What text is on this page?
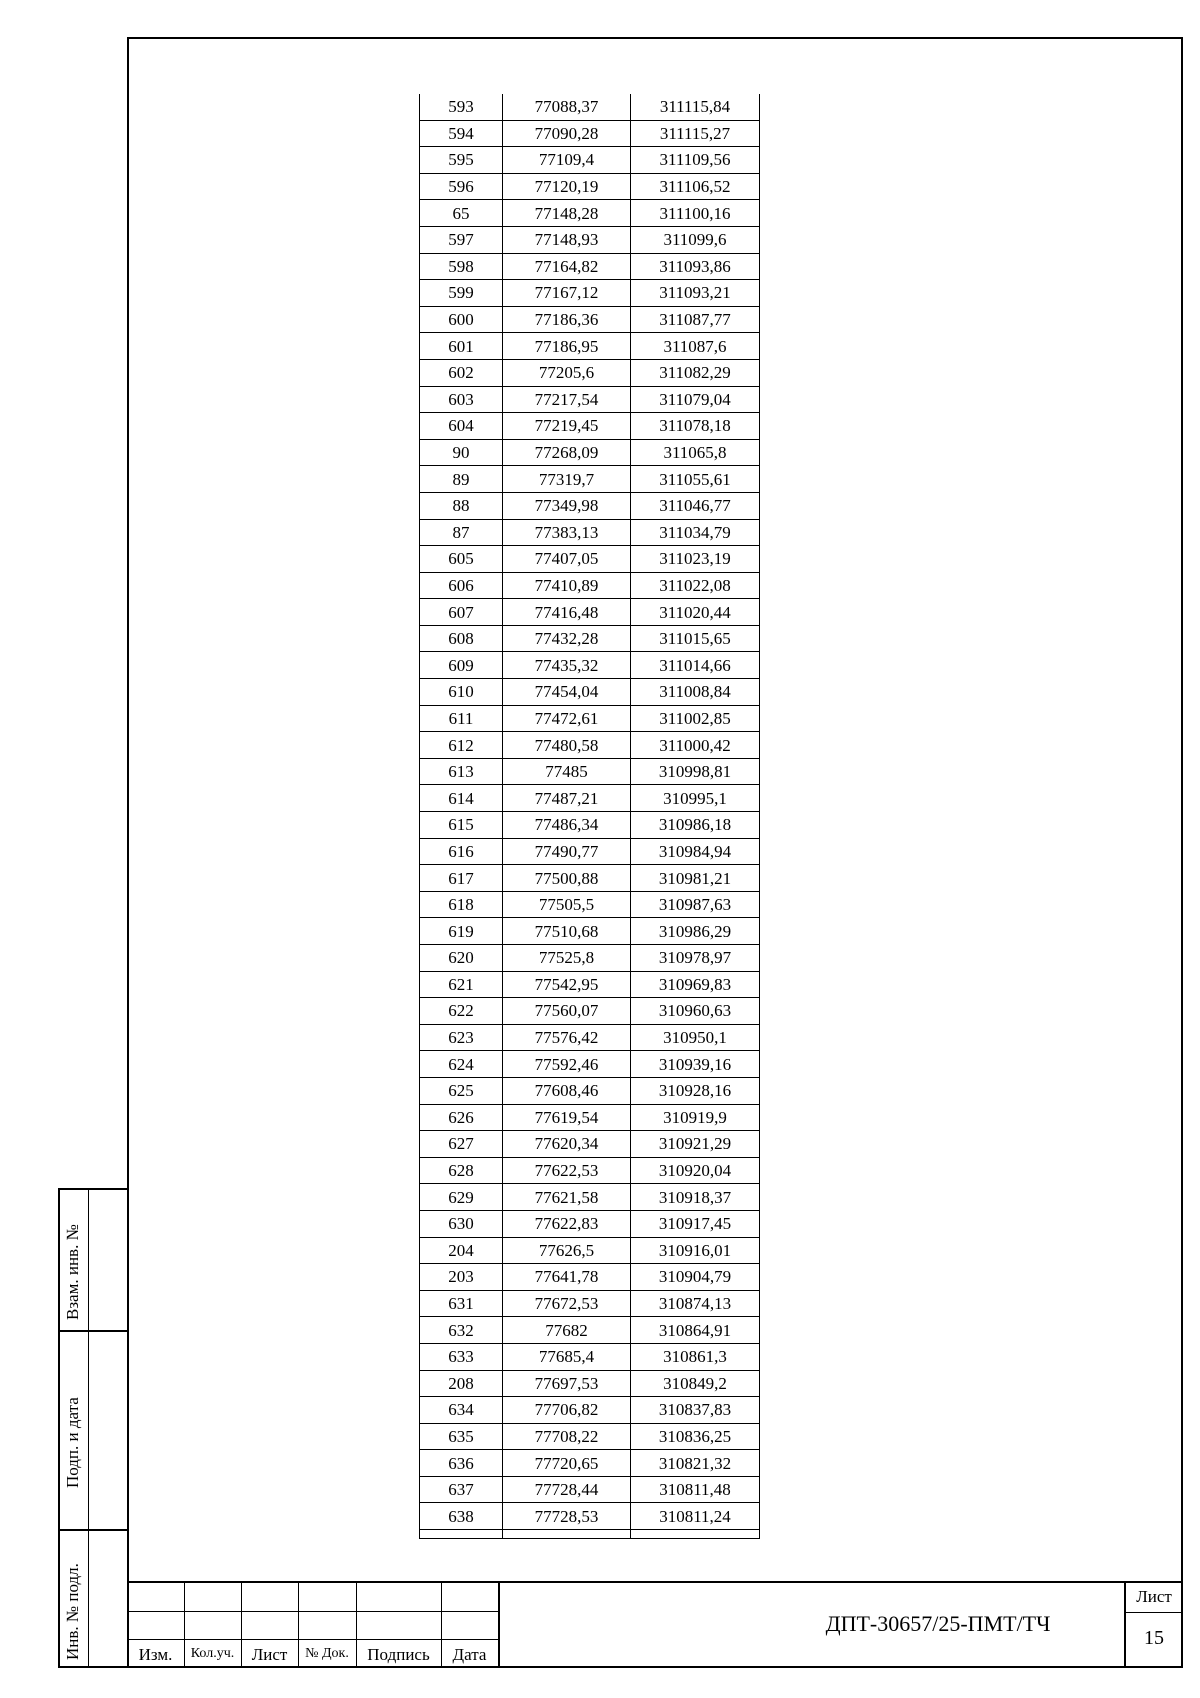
593	77088,37	311115,84
594	77090,28	311115,27
595	77109,4	311109,56
596	77120,19	311106,52
65	77148,28	311100,16
597	77148,93	311099,6
598	77164,82	311093,86
599	77167,12	311093,21
600	77186,36	311087,77
601	77186,95	311087,6
602	77205,6	311082,29
603	77217,54	311079,04
604	77219,45	311078,18
90	77268,09	311065,8
89	77319,7	311055,61
88	77349,98	311046,77
87	77383,13	311034,79
605	77407,05	311023,19
606	77410,89	311022,08
607	77416,48	311020,44
608	77432,28	311015,65
609	77435,32	311014,66
610	77454,04	311008,84
611	77472,61	311002,85
612	77480,58	311000,42
613	77485	310998,81
614	77487,21	310995,1
615	77486,34	310986,18
616	77490,77	310984,94
617	77500,88	310981,21
618	77505,5	310987,63
619	77510,68	310986,29
620	77525,8	310978,97
621	77542,95	310969,83
622	77560,07	310960,63
623	77576,42	310950,1
624	77592,46	310939,16
625	77608,46	310928,16
626	77619,54	310919,9
627	77620,34	310921,29
628	77622,53	310920,04
629	77621,58	310918,37
630	77622,83	310917,45
204	77626,5	310916,01
203	77641,78	310904,79
631	77672,53	310874,13
632	77682	310864,91
633	77685,4	310861,3
208	77697,53	310849,2
634	77706,82	310837,83
635	77708,22	310836,25
636	77720,65	310821,32
637	77728,44	310811,48
638	77728,53	310811,24

Взам. инв. №
Подп. и дата
Инв. № подл.	Изм.	Кол.уч.	Лист	№ Док.	Подпись	Дата
ДПТ-30657/25-ПМТ/ТЧ
Лист
15
